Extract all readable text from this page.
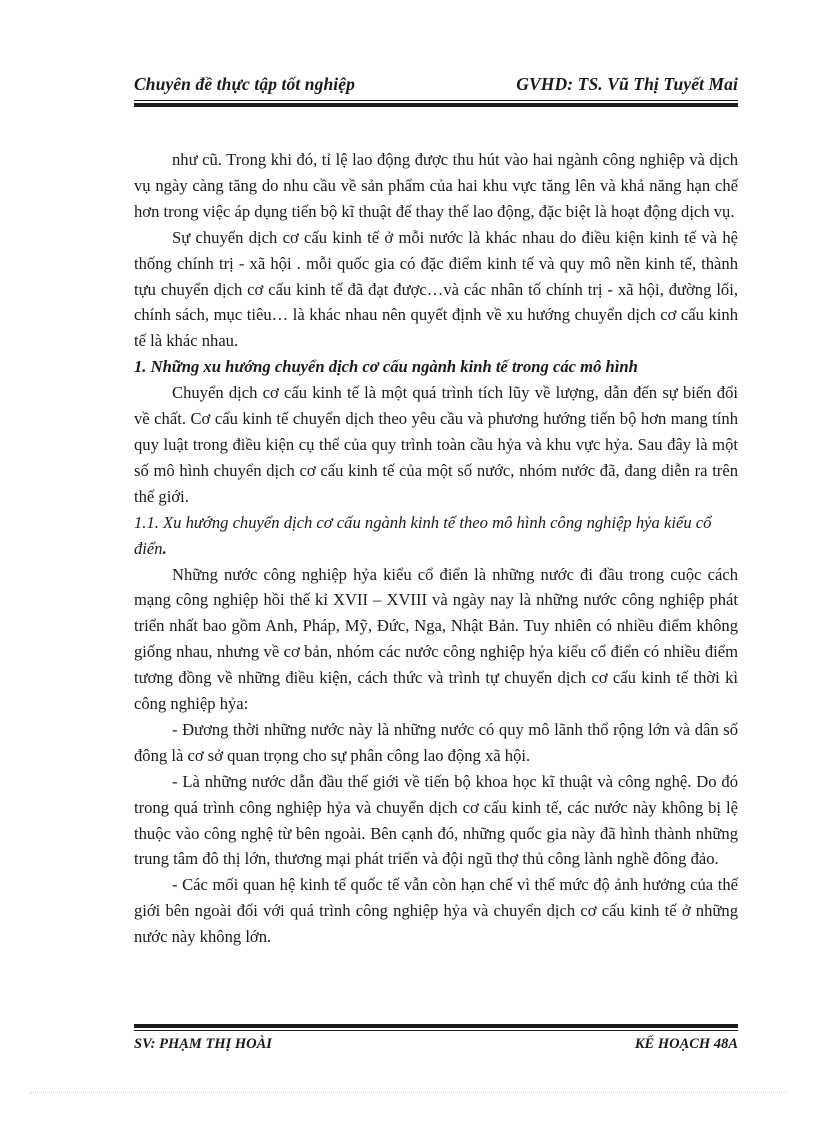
Chuyên đề thực tập tốt nghiệp	GVHD: TS. Vũ Thị Tuyết Mai

như cũ. Trong khi đó, tỉ lệ lao động được thu hút vào hai ngành công nghiệp và dịch vụ ngày càng tăng do nhu cầu về sản phẩm của hai khu vực tăng lên và khả năng hạn chế hơn trong việc áp dụng tiến bộ kĩ thuật để thay thế lao động, đặc biệt là hoạt động dịch vụ.

Sự chuyển dịch cơ cấu kinh tế ở mỗi nước là khác nhau do điều kiện kinh tế và hệ thống chính trị - xã hội . mỗi quốc gia có đặc điểm kinh tế và quy mô nền kinh tế, thành tựu chuyển dịch cơ cấu kinh tế đã đạt được…và các nhân tố chính trị - xã hội, đường lối, chính sách, mục tiêu… là khác nhau nên quyết định về xu hướng chuyển dịch cơ cấu kinh tế là khác nhau.

1. Những xu hướng chuyển dịch cơ cấu ngành kinh tế trong các mô hình

Chuyển dịch cơ cấu kinh tế là một quá trình tích lũy về lượng, dẫn đến sự biến đổi về chất. Cơ cấu kinh tế chuyển dịch theo yêu cầu và phương hướng tiến bộ hơn mang tính quy luật trong điều kiện cụ thể của quy trình toàn cầu hỷa và khu vực hỷa. Sau đây là một số mô hình chuyển dịch cơ cấu kinh tế của một số nước, nhóm nước đã, đang diễn ra trên thế giới.

1.1. Xu hướng chuyển dịch cơ cấu ngành kinh tế theo mô hình công nghiệp hỷa kiểu cổ điển.

Những nước công nghiệp hỷa kiểu cổ điển là những nước đi đầu trong cuộc cách mạng công nghiệp hồi thế kỉ XVII – XVIII và ngày nay là những nước công nghiệp phát triển nhất bao gồm Anh, Pháp, Mỹ, Đức, Nga, Nhật Bản. Tuy nhiên có nhiều điểm không giống nhau, nhưng về cơ bản, nhóm các nước công nghiệp hỷa kiểu cổ điển có nhiều điểm tương đồng về những điều kiện, cách thức và trình tự chuyển dịch cơ cấu kinh tế thời kì công nghiệp hỷa:

- Đương thời những nước này là những nước có quy mô lãnh thổ rộng lớn và dân số đông là cơ sở quan trọng cho sự phân công lao động xã hội.

- Là những nước dẫn đầu thế giới về tiến bộ khoa học kĩ thuật và công nghệ. Do đó trong quá trình công nghiệp hỷa và chuyển dịch cơ cấu kinh tế, các nước này không bị lệ thuộc vào công nghệ từ bên ngoài. Bên cạnh đó, những quốc gia này đã hình thành những trung tâm đô thị lớn, thương mại phát triển và đội ngũ thợ thủ công lành nghề đông đảo.

- Các mối quan hệ kinh tế quốc tế vẫn còn hạn chế vì thế mức độ ảnh hưởng của thế giới bên ngoài đối với quá trình công nghiệp hỷa và chuyển dịch cơ cấu kinh tế ở những nước này không lớn.

SV: PHẠM THỊ HOÀI	KẾ HOẠCH 48A
